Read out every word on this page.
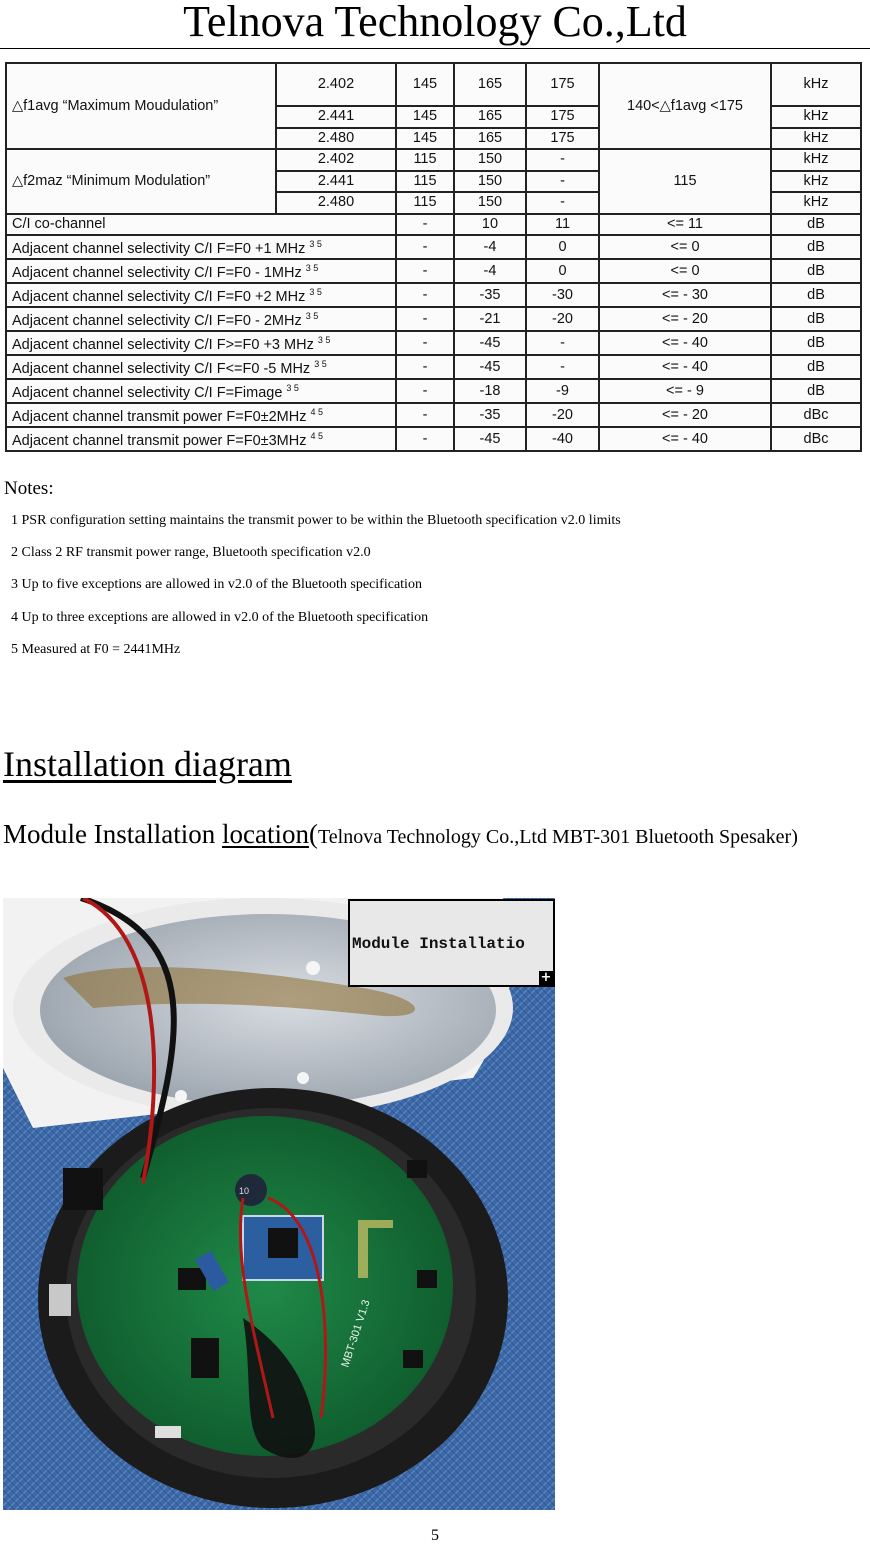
Telnova Technology Co.,Ltd
△f1avg “Maximum Moudulation”	2.402	145	165	175	140<△f1avg <175	kHz
	2.441	145	165	175		kHz
	2.480	145	165	175		kHz
△f2maz “Minimum Modulation”	2.402	115	150	-	115	kHz
	2.441	115	150	-		kHz
	2.480	115	150	-		kHz
C/I co-channel		-	10	11	<= 11	dB
Adjacent channel selectivity C/I F=F0 +1 MHz $^{3 5}$		-	-4	0	<= 0	dB
Adjacent channel selectivity C/I F=F0 - 1MHz $^{3 5}$		-	-4	0	<= 0	dB
Adjacent channel selectivity C/I F=F0 +2 MHz $^{3 5}$		-	-35	-30	<= - 30	dB
Adjacent channel selectivity C/I F=F0 - 2MHz $^{3 5}$		-	-21	-20	<= - 20	dB
Adjacent channel selectivity C/I F>=F0 +3 MHz $^{3 5}$		-	-45	-	<= - 40	dB
Adjacent channel selectivity C/I F<=F0 -5 MHz $^{3 5}$		-	-45	-	<= - 40	dB
Adjacent channel selectivity C/I F=Fimage $^{3 5}$		-	-18	-9	<= - 9	dB
Adjacent channel transmit power F=F0±2MHz $^{4 5}$		-	-35	-20	<= - 20	dBc
Adjacent channel transmit power F=F0±3MHz $^{4 5}$		-	-45	-40	<= - 40	dBc
Notes:
1 PSR configuration setting maintains the transmit power to be within the Bluetooth specification v2.0 limits
2 Class 2 RF transmit power range, Bluetooth specification v2.0
3 Up to five exceptions are allowed in v2.0 of the Bluetooth specification
4 Up to three exceptions are allowed in v2.0 of the Bluetooth specification
5 Measured at F0 = 2441MHz
Installation diagram
Module Installation location(Telnova Technology Co.,Ltd MBT-301 Bluetooth Spesaker)
MBT-301 V1.3
10
Module Installatio
+
5
